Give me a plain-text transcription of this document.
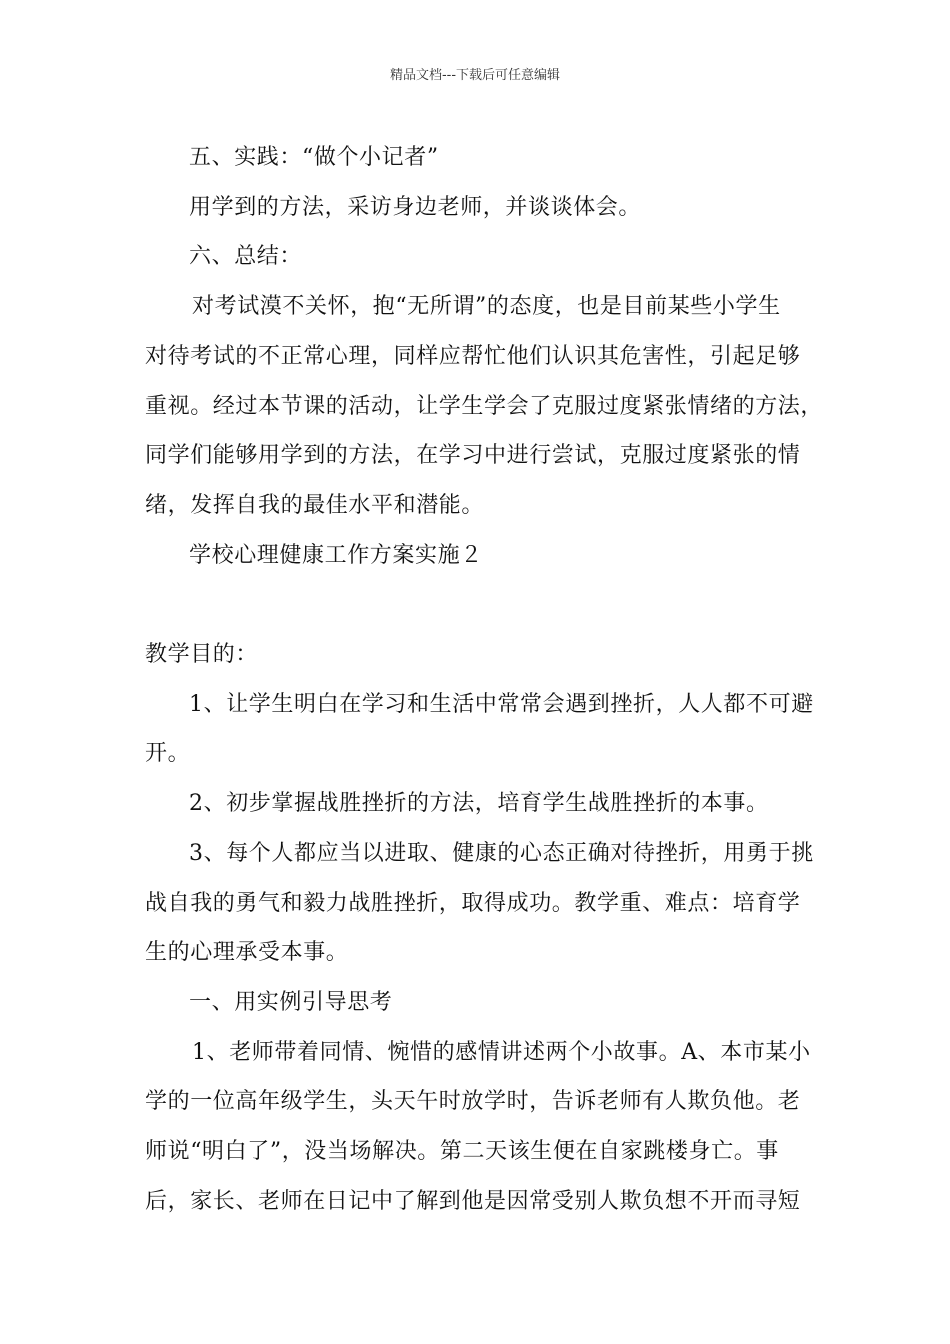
精品文档---下载后可任意编辑

五、实践：“做个小记者”

用学到的方法，采访身边老师，并谈谈体会。

六、总结：

对考试漠不关怀，抱“无所谓”的态度，也是目前某些小学生

对待考试的不正常心理，同样应帮忙他们认识其危害性，引起足够

重视。经过本节课的活动，让学生学会了克服过度紧张情绪的方法，

同学们能够用学到的方法，在学习中进行尝试，克服过度紧张的情

绪，发挥自我的最佳水平和潜能。

学校心理健康工作方案实施２

教学目的：

1、让学生明白在学习和生活中常常会遇到挫折，人人都不可避

开。

2、初步掌握战胜挫折的方法，培育学生战胜挫折的本事。

3、每个人都应当以进取、健康的心态正确对待挫折，用勇于挑

战自我的勇气和毅力战胜挫折，取得成功。教学重、难点：培育学

生的心理承受本事。

一、用实例引导思考

1、老师带着同情、惋惜的感情讲述两个小故事。A、本市某小

学的一位高年级学生，头天午时放学时，告诉老师有人欺负他。老

师说“明白了”，没当场解决。第二天该生便在自家跳楼身亡。事

后，家长、老师在日记中了解到他是因常受别人欺负想不开而寻短
